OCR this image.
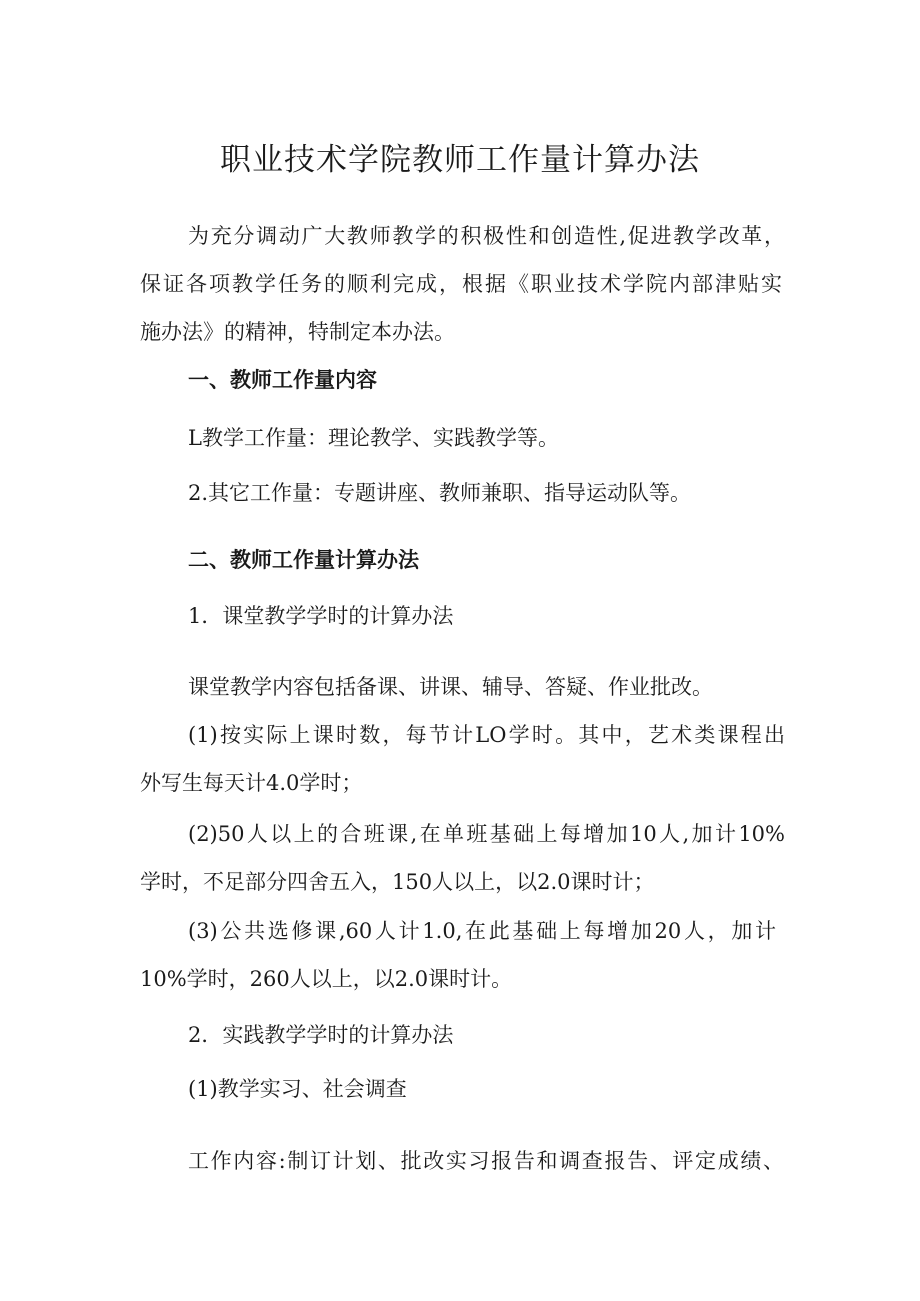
职业技术学院教师工作量计算办法
为充分调动广大教师教学的积极性和创造性,促进教学改革，
保证各项教学任务的顺利完成，根据《职业技术学院内部津贴实
施办法》的精神，特制定本办法。
一、教师工作量内容
L教学工作量：理论教学、实践教学等。
2.其它工作量：专题讲座、教师兼职、指导运动队等。
二、教师工作量计算办法
1．课堂教学学时的计算办法
课堂教学内容包括备课、讲课、辅导、答疑、作业批改。
(1)按实际上课时数，每节计LO学时。其中，艺术类课程出
外写生每天计4.0学时；
(2)50人以上的合班课,在单班基础上每增加10人,加计10%
学时，不足部分四舍五入，150人以上，以2.0课时计；
(3)公共选修课,60人计1.0,在此基础上每增加20人，加计
10%学时，260人以上，以2.0课时计。
2．实践教学学时的计算办法
(1)教学实习、社会调查
工作内容:制订计划、批改实习报告和调查报告、评定成绩、
